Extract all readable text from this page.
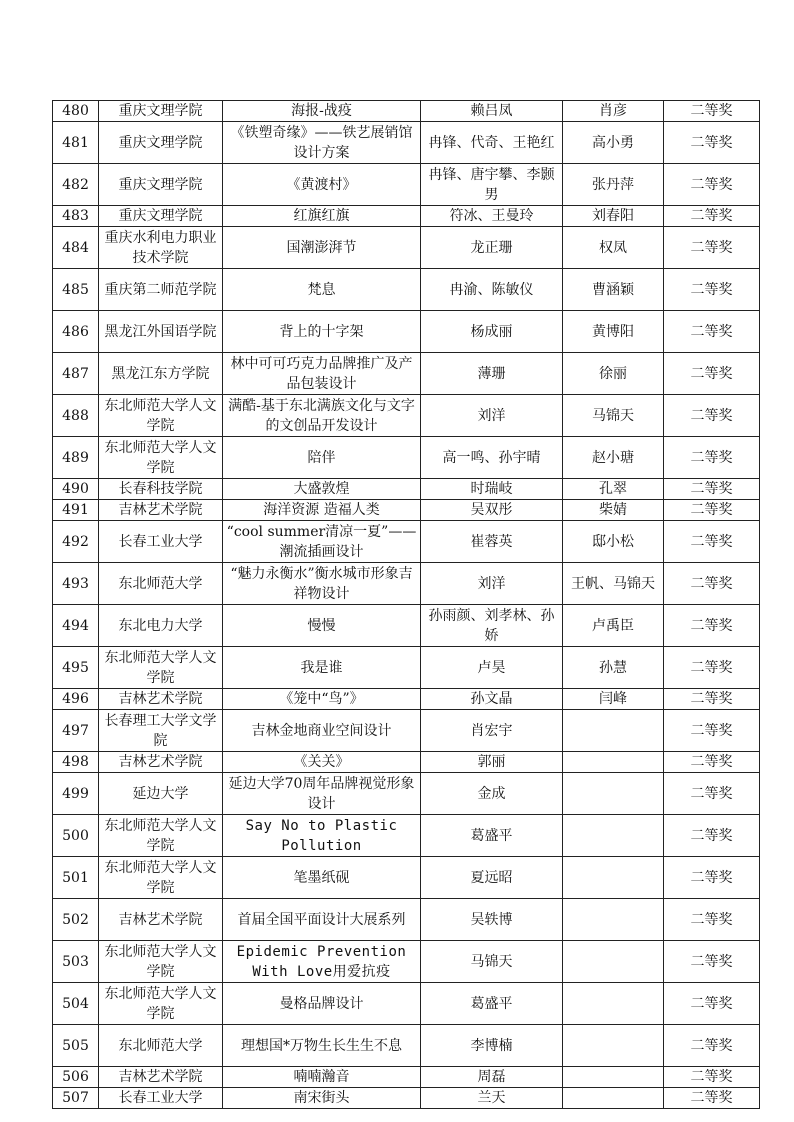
480	重庆文理学院	海报-战疫	赖吕凤	肖彦	二等奖
481	重庆文理学院	《铁塑奇缘》——铁艺展销馆设计方案	冉锋、代奇、王艳红	高小勇	二等奖
482	重庆文理学院	《黄渡村》	冉锋、唐宇攀、李颢男	张丹萍	二等奖
483	重庆文理学院	红旗红旗	符冰、王曼玲	刘春阳	二等奖
484	重庆水利电力职业技术学院	国潮澎湃节	龙正珊	权凤	二等奖
485	重庆第二师范学院	梵息	冉渝、陈敏仪	曹涵颖	二等奖
486	黑龙江外国语学院	背上的十字架	杨成丽	黄博阳	二等奖
487	黑龙江东方学院	林中可可巧克力品牌推广及产品包装设计	薄珊	徐丽	二等奖
488	东北师范大学人文学院	满酷-基于东北满族文化与文字的文创品开发设计	刘洋	马锦天	二等奖
489	东北师范大学人文学院	陪伴	高一鸣、孙宇晴	赵小瑭	二等奖
490	长春科技学院	大盛敦煌	时瑞岐	孔翠	二等奖
491	吉林艺术学院	海洋资源 造福人类	吴双彤	柴婧	二等奖
492	长春工业大学	“cool summer清凉一夏”——潮流插画设计	崔蓉英	邸小松	二等奖
493	东北师范大学	“魅力永衡水”衡水城市形象吉祥物设计	刘洋	王帆、马锦天	二等奖
494	东北电力大学	慢慢	孙雨颜、刘孝林、孙娇	卢禹臣	二等奖
495	东北师范大学人文学院	我是谁	卢昊	孙慧	二等奖
496	吉林艺术学院	《笼中“鸟”》	孙文晶	闫峰	二等奖
497	长春理工大学文学院	吉林金地商业空间设计	肖宏宇		二等奖
498	吉林艺术学院	《关关》	郭丽		二等奖
499	延边大学	延边大学70周年品牌视觉形象设计	金成		二等奖
500	东北师范大学人文学院	Say No to Plastic Pollution	葛盛平		二等奖
501	东北师范大学人文学院	笔墨纸砚	夏远昭		二等奖
502	吉林艺术学院	首届全国平面设计大展系列	吴轶博		二等奖
503	东北师范大学人文学院	Epidemic Prevention With Love用爱抗疫	马锦天		二等奖
504	东北师范大学人文学院	曼格品牌设计	葛盛平		二等奖
505	东北师范大学	理想国*万物生长生生不息	李博楠		二等奖
506	吉林艺术学院	喃喃瀚音	周磊		二等奖
507	长春工业大学	南宋街头	兰天		二等奖
